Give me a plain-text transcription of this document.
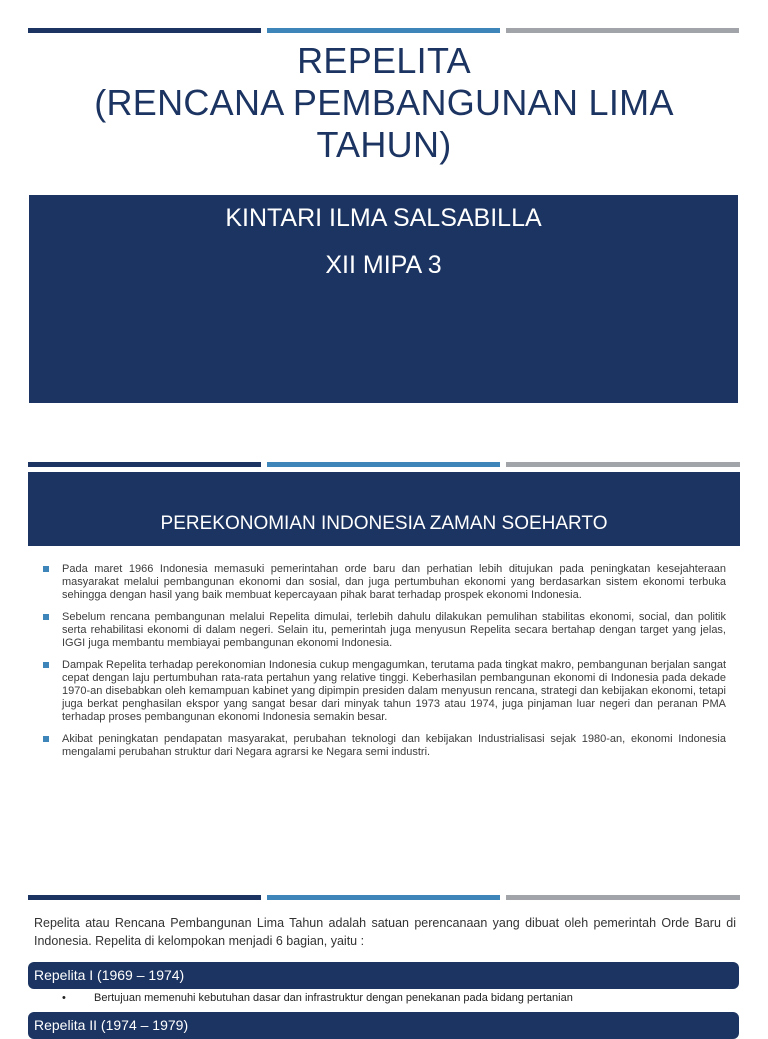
REPELITA
(RENCANA PEMBANGUNAN LIMA
TAHUN)
KINTARI ILMA SALSABILLA
XII MIPA 3
PEREKONOMIAN INDONESIA ZAMAN SOEHARTO
Pada maret 1966 Indonesia memasuki pemerintahan orde baru dan perhatian lebih ditujukan pada peningkatan kesejahteraan masyarakat melalui pembangunan ekonomi dan sosial, dan juga pertumbuhan ekonomi yang berdasarkan sistem ekonomi terbuka sehingga dengan hasil yang baik membuat kepercayaan pihak barat terhadap prospek ekonomi Indonesia.
Sebelum rencana pembangunan melalui Repelita dimulai, terlebih dahulu dilakukan pemulihan stabilitas ekonomi, social, dan politik serta rehabilitasi ekonomi di dalam negeri. Selain itu, pemerintah juga menyusun Repelita secara bertahap dengan target yang jelas, IGGI juga membantu membiayai pembangunan ekonomi Indonesia.
Dampak Repelita terhadap perekonomian Indonesia cukup mengagumkan, terutama pada tingkat makro, pembangunan berjalan sangat cepat dengan laju pertumbuhan rata-rata pertahun yang relative tinggi. Keberhasilan pembangunan ekonomi di Indonesia pada dekade 1970-an disebabkan oleh kemampuan kabinet yang dipimpin presiden dalam menyusun rencana, strategi dan kebijakan ekonomi, tetapi juga berkat penghasilan ekspor yang sangat besar dari minyak tahun 1973 atau 1974, juga pinjaman luar negeri dan peranan PMA terhadap proses pembangunan ekonomi Indonesia semakin besar.
Akibat peningkatan pendapatan masyarakat, perubahan teknologi dan kebijakan Industrialisasi sejak 1980-an, ekonomi Indonesia mengalami perubahan struktur dari Negara agrarsi ke Negara semi industri.
Repelita atau Rencana Pembangunan Lima Tahun adalah satuan perencanaan yang dibuat oleh pemerintah Orde Baru di Indonesia. Repelita di kelompokan menjadi 6 bagian, yaitu :
Repelita I (1969 – 1974)
•	Bertujuan memenuhi kebutuhan dasar dan infrastruktur dengan penekanan pada bidang pertanian
Repelita II (1974 – 1979)
